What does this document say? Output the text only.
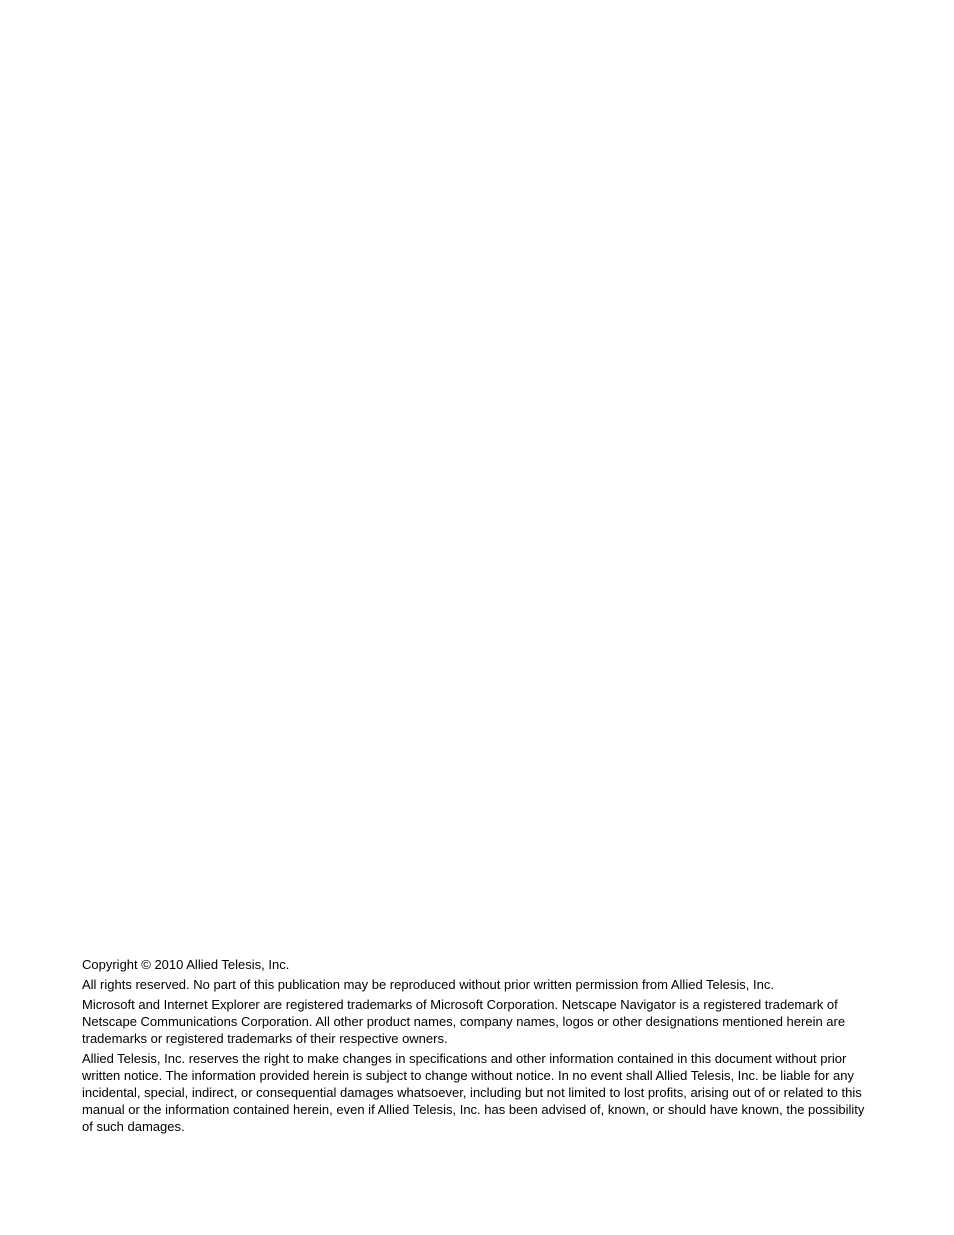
Copyright © 2010 Allied Telesis, Inc.

All rights reserved. No part of this publication may be reproduced without prior written permission from Allied Telesis, Inc.

Microsoft and Internet Explorer are registered trademarks of Microsoft Corporation. Netscape Navigator is a registered trademark of Netscape Communications Corporation. All other product names, company names, logos or other designations mentioned herein are trademarks or registered trademarks of their respective owners.

Allied Telesis, Inc. reserves the right to make changes in specifications and other information contained in this document without prior written notice. The information provided herein is subject to change without notice. In no event shall Allied Telesis, Inc. be liable for any incidental, special, indirect, or consequential damages whatsoever, including but not limited to lost profits, arising out of or related to this manual or the information contained herein, even if Allied Telesis, Inc. has been advised of, known, or should have known, the possibility of such damages.
